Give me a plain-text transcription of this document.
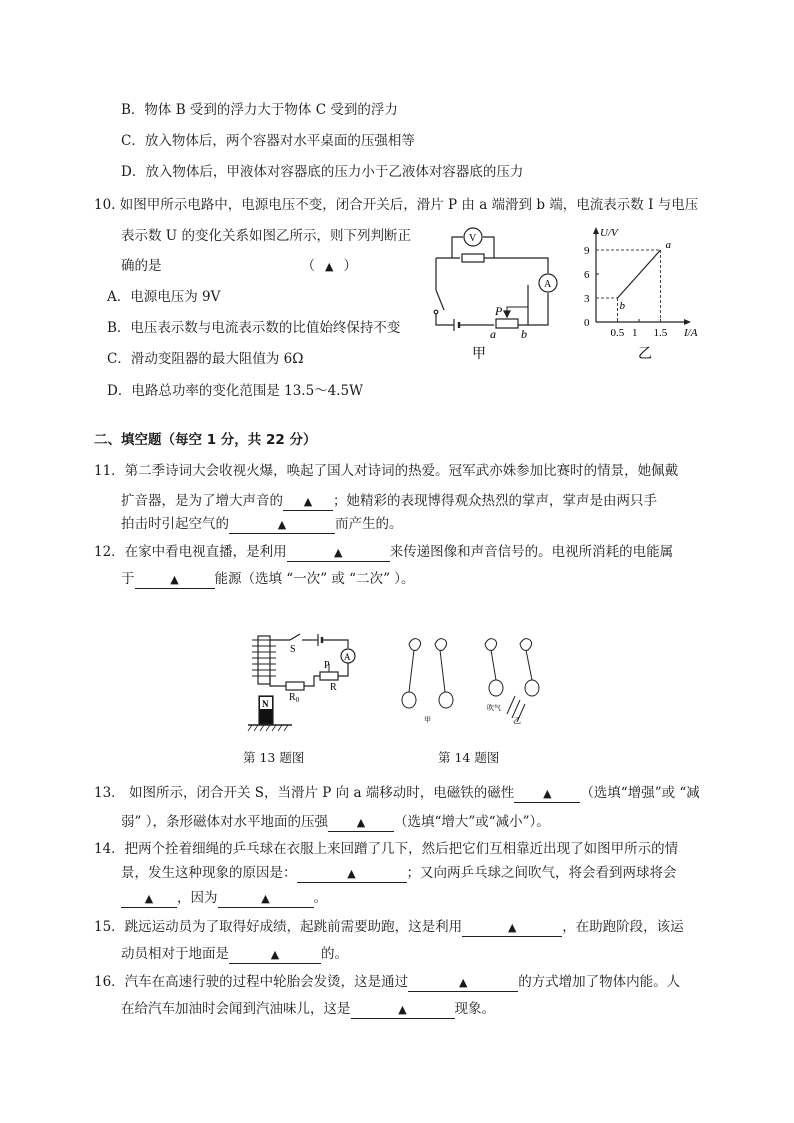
B．物体 B 受到的浮力大于物体 C 受到的浮力
C．放入物体后，两个容器对水平桌面的压强相等
D．放入物体后，甲液体对容器底的压力小于乙液体对容器底的压力
10. 如图甲所示电路中，电源电压不变，闭合开关后，滑片 P 由 a 端滑到 b 端，电流表示数 I 与电压
表示数 U 的变化关系如图乙所示，则下列判断正
确的是	（ ▲ ）
A．电源电压为 9V
B．电压表示数与电流表示数的比值始终保持不变
C．滑动变阻器的最大阻值为 6Ω
D．电路总功率的变化范围是 13.5～4.5W
V
A
P
a b
甲
U/V
I/A
0
0.5 1 1.5
3
6
9
b
a
乙
二、填空题（每空 1 分，共 22 分）
11．第二季诗词大会收视火爆，唤起了国人对诗词的热爱。冠军武亦姝参加比赛时的情景，她佩戴
扩音器，是为了增大声音的 ▲ ；她精彩的表现博得观众热烈的掌声，掌声是由两只手
拍击时引起空气的	▲	而产生的。
12．在家中看电视直播，是利用	▲	来传递图像和声音信号的。电视所消耗的电能属
于	▲	能源（选填 “一次” 或 “二次” ）。
S
A
P
$R_0$
R
N
第 13 题图
甲
吹气
乙
第 14 题图
13． 如图所示，闭合开关 S，当滑片 P 向 a 端移动时，电磁铁的磁性	▲ （选填“增强”或 “减
弱” ），条形磁体对水平地面的压强	▲ （选填“增大”或“减小”）。
14．把两个拴着细绳的乒乓球在衣服上来回蹭了几下，然后把它们互相靠近出现了如图甲所示的情
景，发生这种现象的原因是：	▲	；又向两乒乓球之间吹气，将会看到两球将会
▲ ，因为	▲	。
15．跳远运动员为了取得好成绩，起跳前需要助跑，这是利用	▲	，在助跑阶段，该运
动员相对于地面是	▲	的。
16．汽车在高速行驶的过程中轮胎会发烫，这是通过	▲	的方式增加了物体内能。人
在给汽车加油时会闻到汽油味儿，这是	▲	现象。
